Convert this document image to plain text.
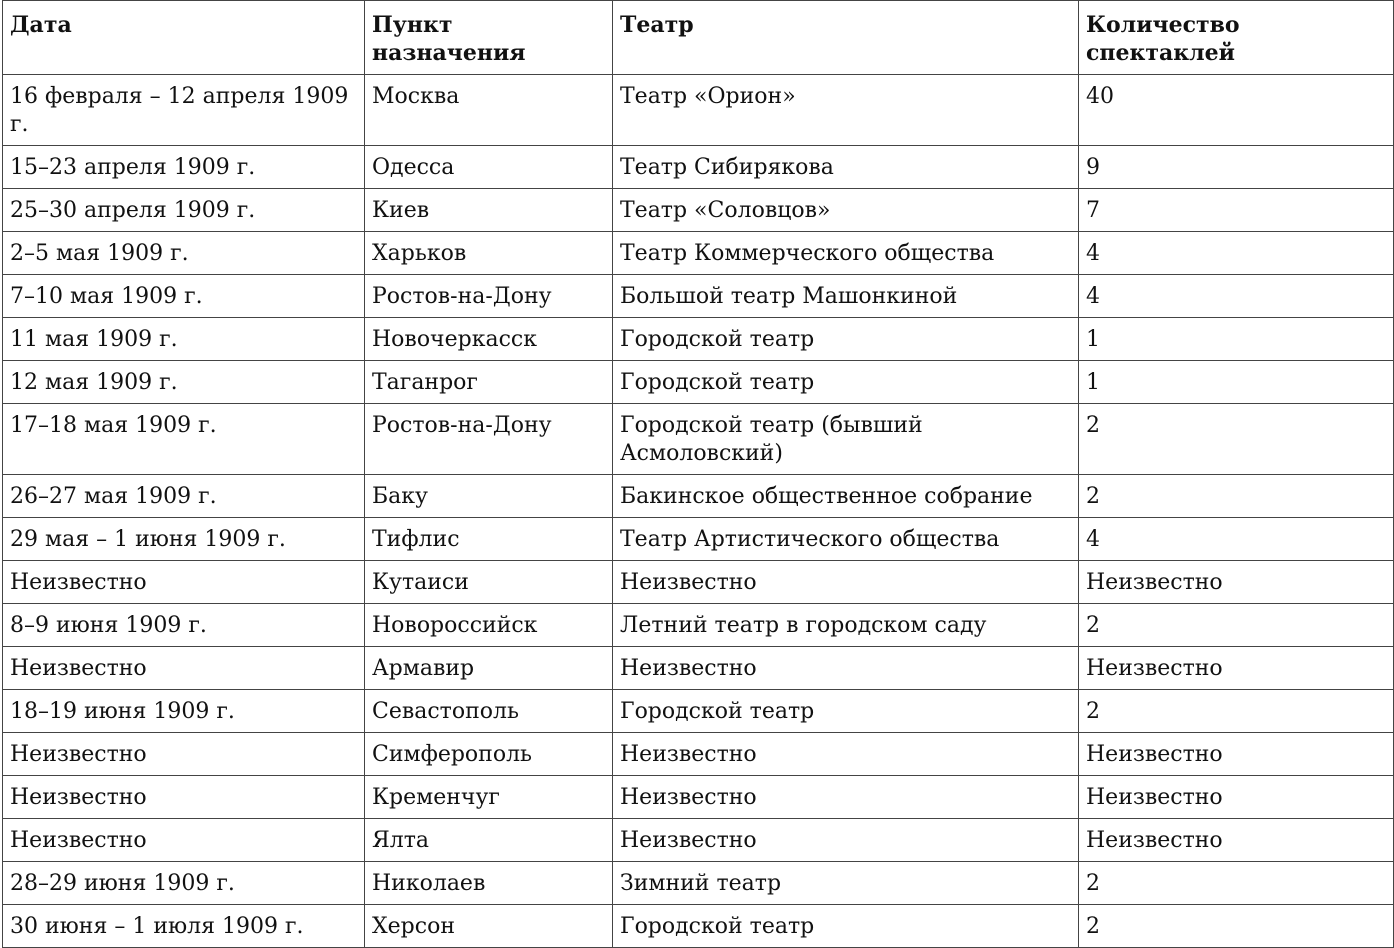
Дата	Пункт назначения	Театр	Количество спектаклей
16 февраля – 12 апреля 1909 г.	Москва	Театр «Орион»	40
15–23 апреля 1909 г.	Одесса	Театр Сибирякова	9
25–30 апреля 1909 г.	Киев	Театр «Соловцов»	7
2–5 мая 1909 г.	Харьков	Театр Коммерческого общества	4
7–10 мая 1909 г.	Ростов-на-Дону	Большой театр Машонкиной	4
11 мая 1909 г.	Новочеркасск	Городской театр	1
12 мая 1909 г.	Таганрог	Городской театр	1
17–18 мая 1909 г.	Ростов-на-Дону	Городской театр (бывший Асмоловский)	2
26–27 мая 1909 г.	Баку	Бакинское общественное собрание	2
29 мая – 1 июня 1909 г.	Тифлис	Театр Артистического общества	4
Неизвестно	Кутаиси	Неизвестно	Неизвестно
8–9 июня 1909 г.	Новороссийск	Летний театр в городском саду	2
Неизвестно	Армавир	Неизвестно	Неизвестно
18–19 июня 1909 г.	Севастополь	Городской театр	2
Неизвестно	Симферополь	Неизвестно	Неизвестно
Неизвестно	Кременчуг	Неизвестно	Неизвестно
Неизвестно	Ялта	Неизвестно	Неизвестно
28–29 июня 1909 г.	Николаев	Зимний театр	2
30 июня – 1 июля 1909 г.	Херсон	Городской театр	2
